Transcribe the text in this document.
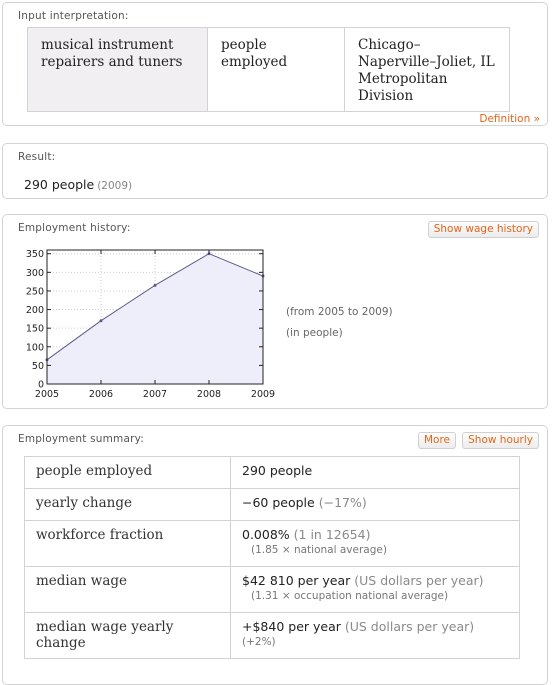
Input interpretation:
musical instrument repairers and tuners	people employed	Chicago–Naperville–Joliet, IL Metropolitan Division
Definition »
Result:
290 people (2009)
Employment history:	Show wage history
2005	2006	2007	2008	2009
0
50
100
150
200
250
300
350
(from 2005 to 2009)
(in people)
Employment summary:	More	Show hourly
people employed	290 people
yearly change	−60 people (−17%)
workforce fraction	0.008% (1 in 12654)
(1.85 × national average)

median wage	$42 810 per year (US dollars per year)
(1.31 × occupation national average)

median wage yearly change	+$840 per year (US dollars per year)
(+2%)
